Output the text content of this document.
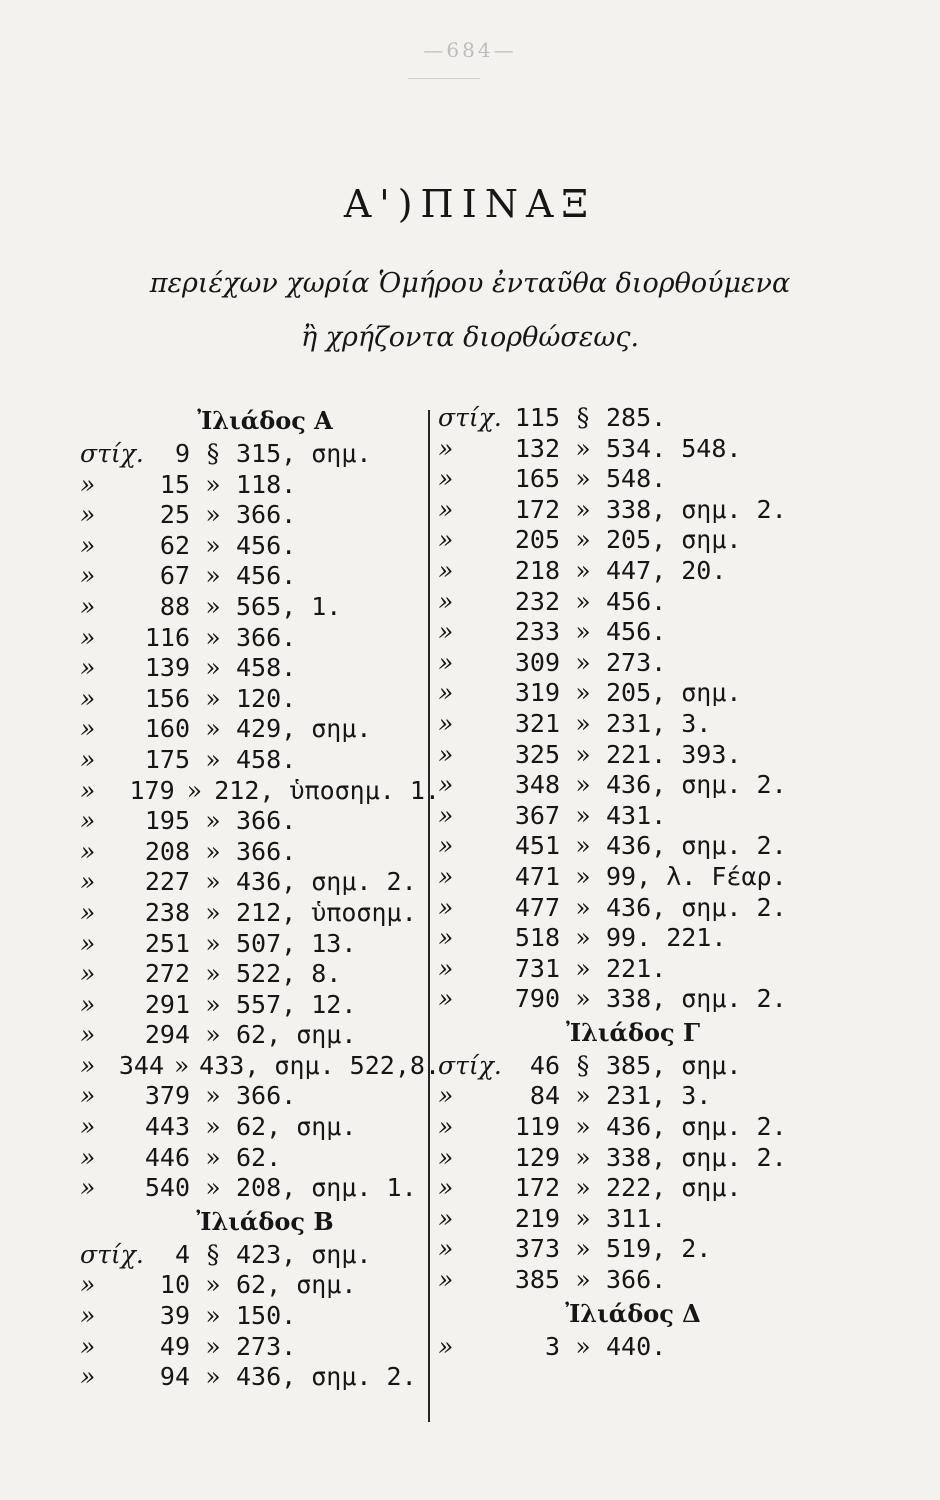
—684—
Α')ΠΙΝΑΞ
περιέχων χωρία Ὁμήρου ἐνταῦθα διορθούμενα
ἢ χρήζοντα διορθώσεως.
Ἰλιάδος Α
στίχ.	9 § 315, σημ.
»	15 » 118.
»	25 » 366.
»	62 » 456.
»	67 » 456.
»	88 » 565, 1.
»	116 » 366.
»	139 » 458.
»	156 » 120.
»	160 » 429, σημ.
»	175 » 458.
»	179 » 212, ὑποσημ. 1.
»	195 » 366.
»	208 » 366.
»	227 » 436, σημ. 2.
»	238 » 212, ὑποσημ.
»	251 » 507, 13.
»	272 » 522, 8.
»	291 » 557, 12.
»	294 » 62, σημ.
» 344 » 433, σημ. 522,8.
»	379 » 366.
»	443 » 62, σημ.
»	446 » 62.
»	540 » 208, σημ. 1.
Ἰλιάδος Β
στίχ.	4 § 423, σημ.
»	10 » 62, σημ.
»	39 » 150.
»	49 » 273.
»	94 » 436, σημ. 2.
στίχ. 115 § 285.
»	132 » 534. 548.
»	165 » 548.
»	172 » 338, σημ. 2.
»	205 » 205, σημ.
»	218 » 447, 20.
»	232 » 456.
»	233 » 456.
»	309 » 273.
»	319 » 205, σημ.
»	321 » 231, 3.
»	325 » 221. 393.
»	348 » 436, σημ. 2.
»	367 » 431.
»	451 » 436, σημ. 2.
»	471 » 99, λ. Fέαρ.
»	477 » 436, σημ. 2.
»	518 » 99. 221.
»	731 » 221.
»	790 » 338, σημ. 2.
Ἰλιάδος Γ
στίχ.	46 § 385, σημ.
»	84 » 231, 3.
»	119 » 436, σημ. 2.
»	129 » 338, σημ. 2.
»	172 » 222, σημ.
»	219 » 311.
»	373 » 519, 2.
»	385 » 366.
Ἰλιάδος Δ
»	3 » 440.
